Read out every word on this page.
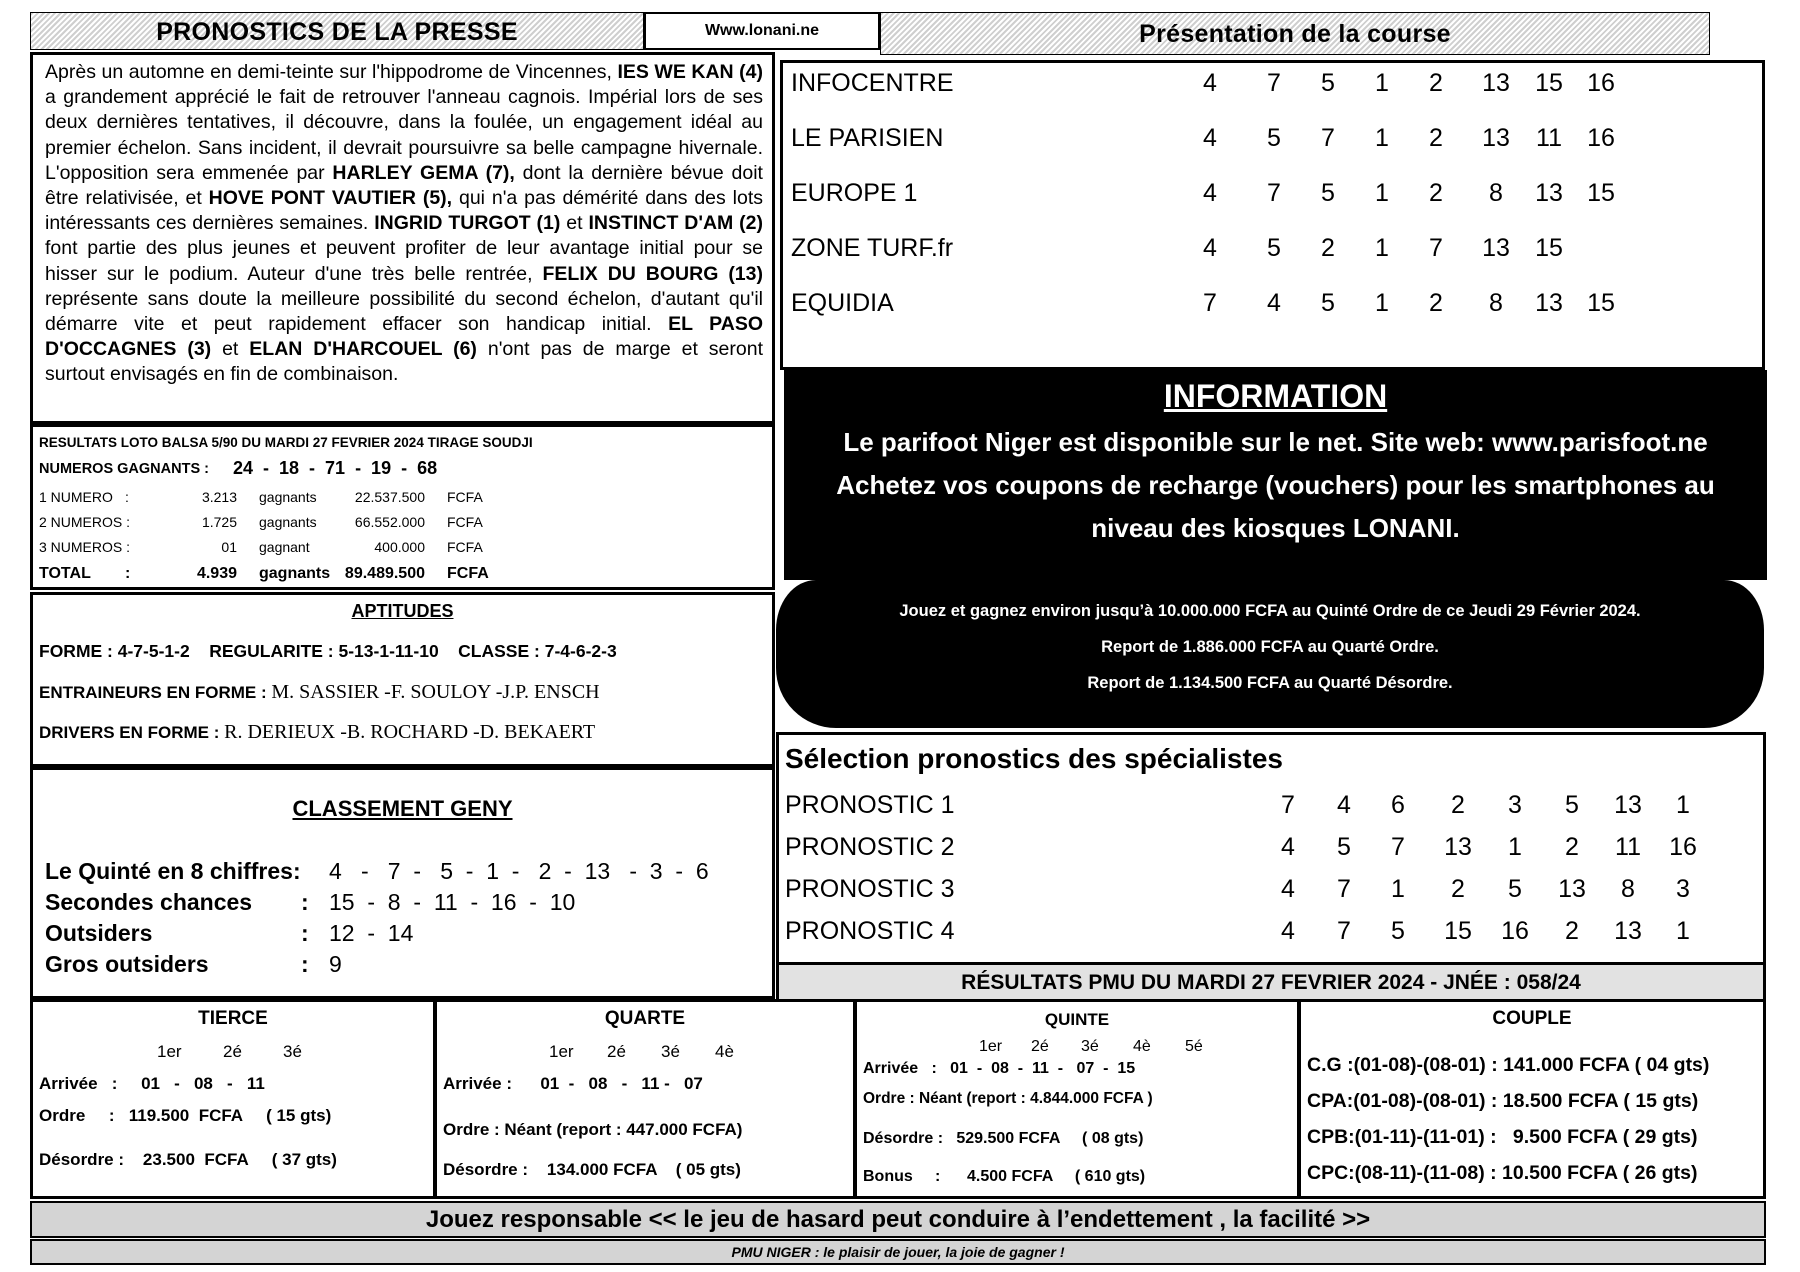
PRONOSTICS DE LA PRESSE	Www.lonani.ne	Présentation de la course
Après un automne en demi-teinte sur l'hippodrome de Vincennes, IES WE KAN (4) a grandement apprécié le fait de retrouver l'anneau cagnois. Impérial lors de ses deux dernières tentatives, il découvre, dans la foulée, un engagement idéal au premier échelon. Sans incident, il devrait poursuivre sa belle campagne hivernale. L'opposition sera emmenée par HARLEY GEMA (7), dont la dernière bévue doit être relativisée, et HOVE PONT VAUTIER (5), qui n'a pas démérité dans des lots intéressants ces dernières semaines. INGRID TURGOT (1) et INSTINCT D'AM (2) font partie des plus jeunes et peuvent profiter de leur avantage initial pour se hisser sur le podium. Auteur d'une très belle rentrée, FELIX DU BOURG (13) représente sans doute la meilleure possibilité du second échelon, d'autant qu'il démarre vite et peut rapidement effacer son handicap initial. EL PASO D'OCCAGNES (3) et ELAN D'HARCOUEL (6) n'ont pas de marge et seront surtout envisagés en fin de combinaison.
INFOCENTRE	4	7	5	1	2	13	15 16
LE PARISIEN	4	5	7	1	2	13	11	16
EUROPE 1	4	7	5	1	2	8	13 15
ZONE TURF.fr	4	5	2	1	7	13	15
EQUIDIA	7	4	5	1	2	8	13 15
RESULTATS LOTO BALSA 5/90 DU MARDI 27 FEVRIER 2024 TIRAGE SOUDJI
NUMEROS GAGNANTS : 24  -  18  -  71  -  19  -  68
1 NUMERO :	3.213 gagnants	22.537.500 FCFA
2 NUMEROS :	1.725 gagnants	66.552.000 FCFA
3 NUMEROS :	01 gagnant	400.000 FCFA
TOTAL :	4.939 gagnants 89.489.500 FCFA
INFORMATION
Le parifoot Niger est disponible sur le net. Site web: www.parisfoot.ne
Achetez vos coupons de recharge (vouchers) pour les smartphones au
niveau des kiosques LONANI.
Jouez et gagnez environ jusqu’à 10.000.000 FCFA au Quinté Ordre de ce Jeudi 29 Février 2024.
Report de 1.886.000 FCFA au Quarté Ordre.
Report de 1.134.500 FCFA au Quarté Désordre.
APTITUDES
FORME : 4-7-5-1-2 REGULARITE : 5-13-1-11-10 CLASSE : 7-4-6-2-3
ENTRAINEURS EN FORME : M. SASSIER -F. SOULOY -J.P. ENSCH
DRIVERS EN FORME : R. DERIEUX -B. ROCHARD -D. BEKAERT
Sélection pronostics des spécialistes
PRONOSTIC 1	7	4	6	2	3	5	13	1
PRONOSTIC 2	4	5	7	13	1	2	11	16
PRONOSTIC 3	4	7	1	2	5	13	8	3
PRONOSTIC 4	4	7	5	15	16	2	13	1
CLASSEMENT GENY
Le Quinté en 8 chiffres: 4   -   7  -   5  -  1  -   2  -  13   -  3  -  6
Secondes chances : 15  -  8  -  11  -  16  -  10
Outsiders	: 12  -  14
Gros outsiders	: 9
RÉSULTATS PMU DU MARDI 27 FEVRIER 2024 - JNÉE : 058/24
TIERCE
Arrivée   : 01   -   08   -   11
Ordre     :   119.500  FCFA     ( 15 gts)
Désordre :    23.500  FCFA     ( 37 gts)
1er 2é 3é
QUARTE
Arrivée : 01  -   08   -   11 -   07
Ordre : Néant (report : 447.000 FCFA)
Désordre :    134.000 FCFA    ( 05 gts)
1er 2é 3é 4è
QUINTE
Arrivée   : 01  -  08  -  11  -   07  -  15
Ordre : Néant (report : 4.844.000 FCFA )
Désordre :   529.500 FCFA     ( 08 gts)
Bonus     :      4.500 FCFA     ( 610 gts)
1er 2é 3é 4è 5é
COUPLE
C.G :(01-08)-(08-01) : 141.000 FCFA ( 04 gts)
CPA:(01-08)-(08-01) : 18.500 FCFA ( 15 gts)
CPB:(01-11)-(11-01) :   9.500 FCFA ( 29 gts)
CPC:(08-11)-(11-08) : 10.500 FCFA ( 26 gts)
Jouez responsable << le jeu de hasard peut conduire à l’endettement , la facilité >>
PMU NIGER : le plaisir de jouer, la joie de gagner !
